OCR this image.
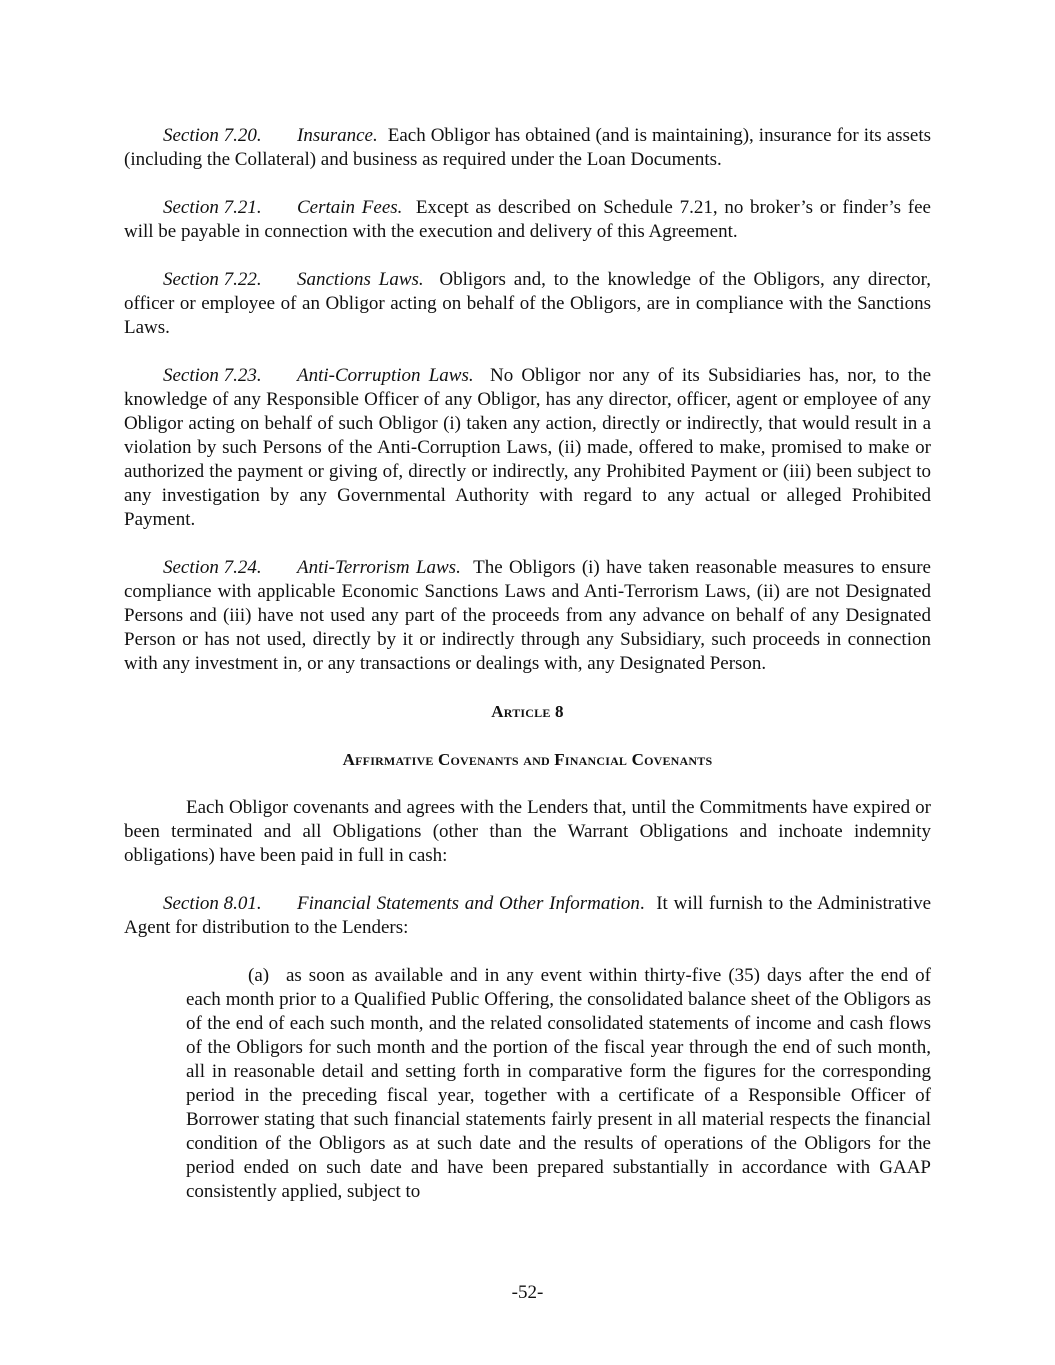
Section 7.20. Insurance. Each Obligor has obtained (and is maintaining), insurance for its assets (including the Collateral) and business as required under the Loan Documents.

Section 7.21. Certain Fees. Except as described on Schedule 7.21, no broker’s or finder’s fee will be payable in connection with the execution and delivery of this Agreement.

Section 7.22. Sanctions Laws. Obligors and, to the knowledge of the Obligors, any director, officer or employee of an Obligor acting on behalf of the Obligors, are in compliance with the Sanctions Laws.

Section 7.23. Anti-Corruption Laws. No Obligor nor any of its Subsidiaries has, nor, to the knowledge of any Responsible Officer of any Obligor, has any director, officer, agent or employee of any Obligor acting on behalf of such Obligor (i) taken any action, directly or indirectly, that would result in a violation by such Persons of the Anti-Corruption Laws, (ii) made, offered to make, promised to make or authorized the payment or giving of, directly or indirectly, any Prohibited Payment or (iii) been subject to any investigation by any Governmental Authority with regard to any actual or alleged Prohibited Payment.

Section 7.24. Anti-Terrorism Laws. The Obligors (i) have taken reasonable measures to ensure compliance with applicable Economic Sanctions Laws and Anti-Terrorism Laws, (ii) are not Designated Persons and (iii) have not used any part of the proceeds from any advance on behalf of any Designated Person or has not used, directly by it or indirectly through any Subsidiary, such proceeds in connection with any investment in, or any transactions or dealings with, any Designated Person.

Article 8

Affirmative Covenants and Financial Covenants

Each Obligor covenants and agrees with the Lenders that, until the Commitments have expired or been terminated and all Obligations (other than the Warrant Obligations and inchoate indemnity obligations) have been paid in full in cash:

Section 8.01. Financial Statements and Other Information. It will furnish to the Administrative Agent for distribution to the Lenders:

(a) as soon as available and in any event within thirty-five (35) days after the end of each month prior to a Qualified Public Offering, the consolidated balance sheet of the Obligors as of the end of each such month, and the related consolidated statements of income and cash flows of the Obligors for such month and the portion of the fiscal year through the end of such month, all in reasonable detail and setting forth in comparative form the figures for the corresponding period in the preceding fiscal year, together with a certificate of a Responsible Officer of Borrower stating that such financial statements fairly present in all material respects the financial condition of the Obligors as at such date and the results of operations of the Obligors for the period ended on such date and have been prepared substantially in accordance with GAAP consistently applied, subject to

-52-
